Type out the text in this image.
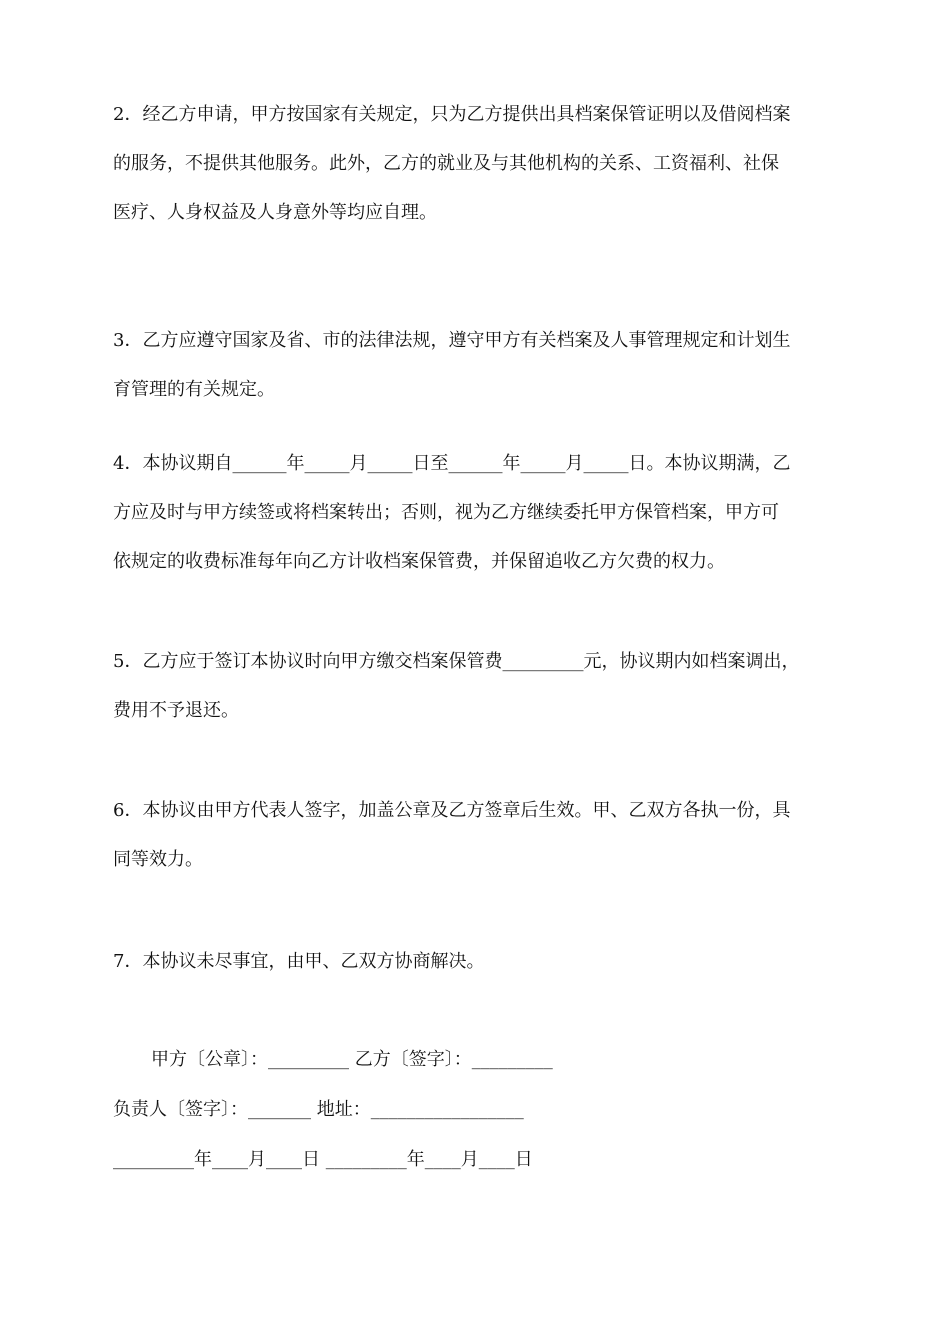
2．经乙方申请，甲方按国家有关规定，只为乙方提供出具档案保管证明以及借阅档案
的服务，不提供其他服务。此外，乙方的就业及与其他机构的关系、工资福利、社保
医疗、人身权益及人身意外等均应自理。
3．乙方应遵守国家及省、市的法律法规，遵守甲方有关档案及人事管理规定和计划生
育管理的有关规定。
4．本协议期自______年_____月_____日至______年_____月_____日。本协议期满，乙
方应及时与甲方续签或将档案转出；否则，视为乙方继续委托甲方保管档案，甲方可
依规定的收费标准每年向乙方计收档案保管费，并保留追收乙方欠费的权力。
5．乙方应于签订本协议时向甲方缴交档案保管费_________元，协议期内如档案调出，
费用不予退还。
6．本协议由甲方代表人签字，加盖公章及乙方签章后生效。甲、乙双方各执一份，具
同等效力。
7．本协议未尽事宜，由甲、乙双方协商解决。
甲方〔公章〕：_________ 乙方〔签字〕：_________
负责人〔签字〕：_______ 地址：_________________
_________年____月____日 _________年____月____日
